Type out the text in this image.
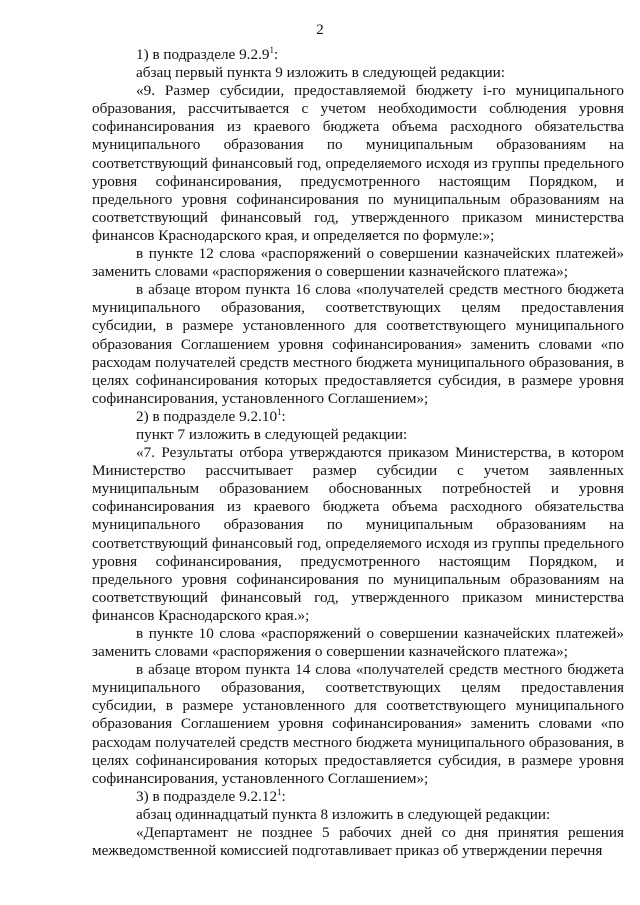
2

1) в подразделе 9.2.9$^1$:

абзац первый пункта 9 изложить в следующей редакции:

«9. Размер субсидии, предоставляемой бюджету i-го муниципального образования, рассчитывается с учетом необходимости соблюдения уровня софинансирования из краевого бюджета объема расходного обязательства муниципального образования по муниципальным образованиям на соответствующий финансовый год, определяемого исходя из группы предельного уровня софинансирования, предусмотренного настоящим Порядком, и предельного уровня софинансирования по муниципальным образованиям на соответствующий финансовый год, утвержденного приказом министерства финансов Краснодарского края, и определяется по формуле:»;

в пункте 12 слова «распоряжений о совершении казначейских платежей» заменить словами «распоряжения о совершении казначейского платежа»;

в абзаце втором пункта 16 слова «получателей средств местного бюджета муниципального образования, соответствующих целям предоставления субсидии, в размере установленного для соответствующего муниципального образования Соглашением уровня софинансирования» заменить словами «по расходам получателей средств местного бюджета муниципального образования, в целях софинансирования которых предоставляется субсидия, в размере уровня софинансирования, установленного Соглашением»;

2) в подразделе 9.2.10$^1$:

пункт 7 изложить в следующей редакции:

«7. Результаты отбора утверждаются приказом Министерства, в котором Министерство рассчитывает размер субсидии с учетом заявленных муниципальным образованием обоснованных потребностей и уровня софинансирования из краевого бюджета объема расходного обязательства муниципального образования по муниципальным образованиям на соответствующий финансовый год, определяемого исходя из группы предельного уровня софинансирования, предусмотренного настоящим Порядком, и предельного уровня софинансирования по муниципальным образованиям на соответствующий финансовый год, утвержденного приказом министерства финансов Краснодарского края.»;

в пункте 10 слова «распоряжений о совершении казначейских платежей» заменить словами «распоряжения о совершении казначейского платежа»;

в абзаце втором пункта 14 слова «получателей средств местного бюджета муниципального образования, соответствующих целям предоставления субсидии, в размере установленного для соответствующего муниципального образования Соглашением уровня софинансирования» заменить словами «по расходам получателей средств местного бюджета муниципального образования, в целях софинансирования которых предоставляется субсидия, в размере уровня софинансирования, установленного Соглашением»;

3) в подразделе 9.2.12$^1$:

абзац одиннадцатый пункта 8 изложить в следующей редакции:

«Департамент не позднее 5 рабочих дней со дня принятия решения межведомственной комиссией подготавливает приказ об утверждении перечня
